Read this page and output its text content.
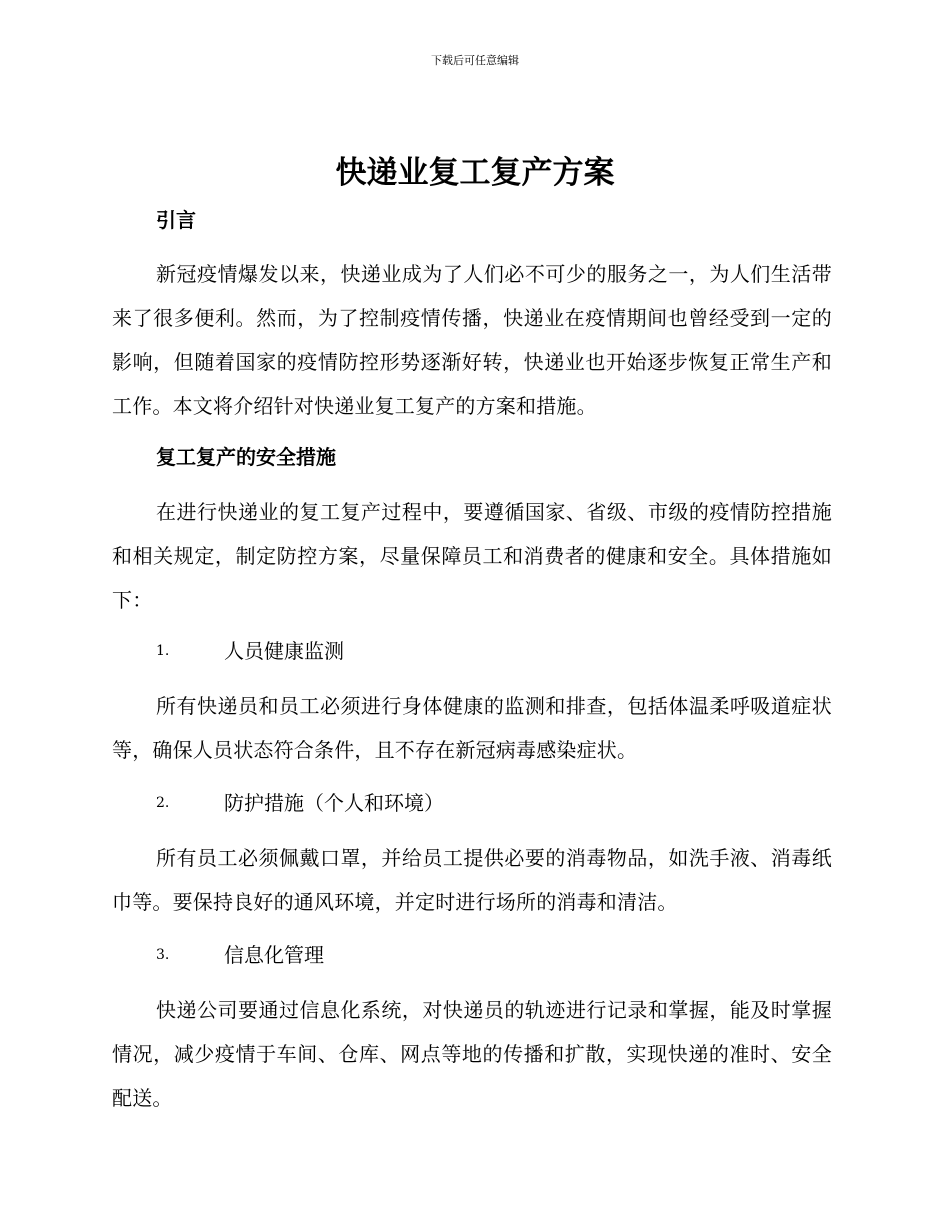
下载后可任意编辑
快递业复工复产方案
引言

新冠疫情爆发以来，快递业成为了人们必不可少的服务之一，为人们生活带来了很多便利。然而，为了控制疫情传播，快递业在疫情期间也曾经受到一定的影响，但随着国家的疫情防控形势逐渐好转，快递业也开始逐步恢复正常生产和工作。本文将介绍针对快递业复工复产的方案和措施。

复工复产的安全措施

在进行快递业的复工复产过程中，要遵循国家、省级、市级的疫情防控措施和相关规定，制定防控方案，尽量保障员工和消费者的健康和安全。具体措施如下：

1.	人员健康监测

所有快递员和员工必须进行身体健康的监测和排查，包括体温柔呼吸道症状等，确保人员状态符合条件，且不存在新冠病毒感染症状。

2.	防护措施（个人和环境）

所有员工必须佩戴口罩，并给员工提供必要的消毒物品，如洗手液、消毒纸巾等。要保持良好的通风环境，并定时进行场所的消毒和清洁。

3.	信息化管理

快递公司要通过信息化系统，对快递员的轨迹进行记录和掌握，能及时掌握情况，减少疫情于车间、仓库、网点等地的传播和扩散，实现快递的准时、安全配送。
